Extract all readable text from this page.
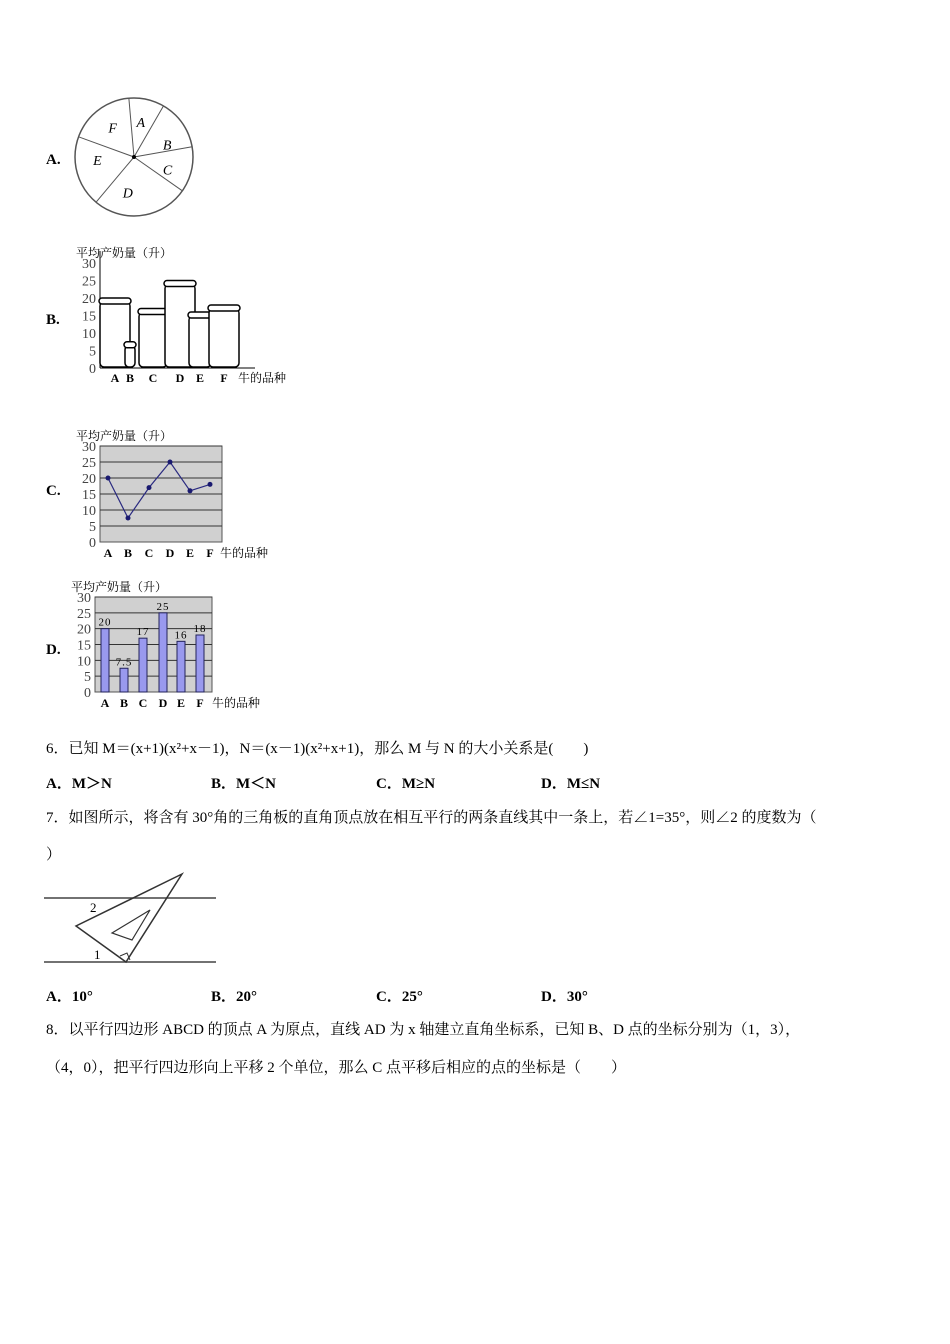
A.
A
B
C
D
E
F
B.
0
5
10
15
20
25
30
平均产奶量（升）
A B C D E F 牛的品种
C.
0
5
10
15
20
25
30
平均产奶量（升）
A B C D E F 牛的品种
D.
0
5
10
15
20
25
30
平均产奶量（升）
20
A
7.5
B
17
C
25
D
16
E
18
F 牛的品种
6．已知 M＝(x+1)(x²+x－1)，N＝(x－1)(x²+x+1)，那么 M 与 N 的大小关系是(　　)
A．M＞N	B．M＜N	C．M≥N	D．M≤N
7．如图所示，将含有 30°角的三角板的直角顶点放在相互平行的两条直线其中一条上，若∠1=35°，则∠2 的度数为（
）
2
1
A．10°	B．20°	C．25°	D．30°
8．以平行四边形 ABCD 的顶点 A 为原点，直线 AD 为 x 轴建立直角坐标系，已知 B、D 点的坐标分别为（1，3），
（4，0），把平行四边形向上平移 2 个单位，那么 C 点平移后相应的点的坐标是（　　）
